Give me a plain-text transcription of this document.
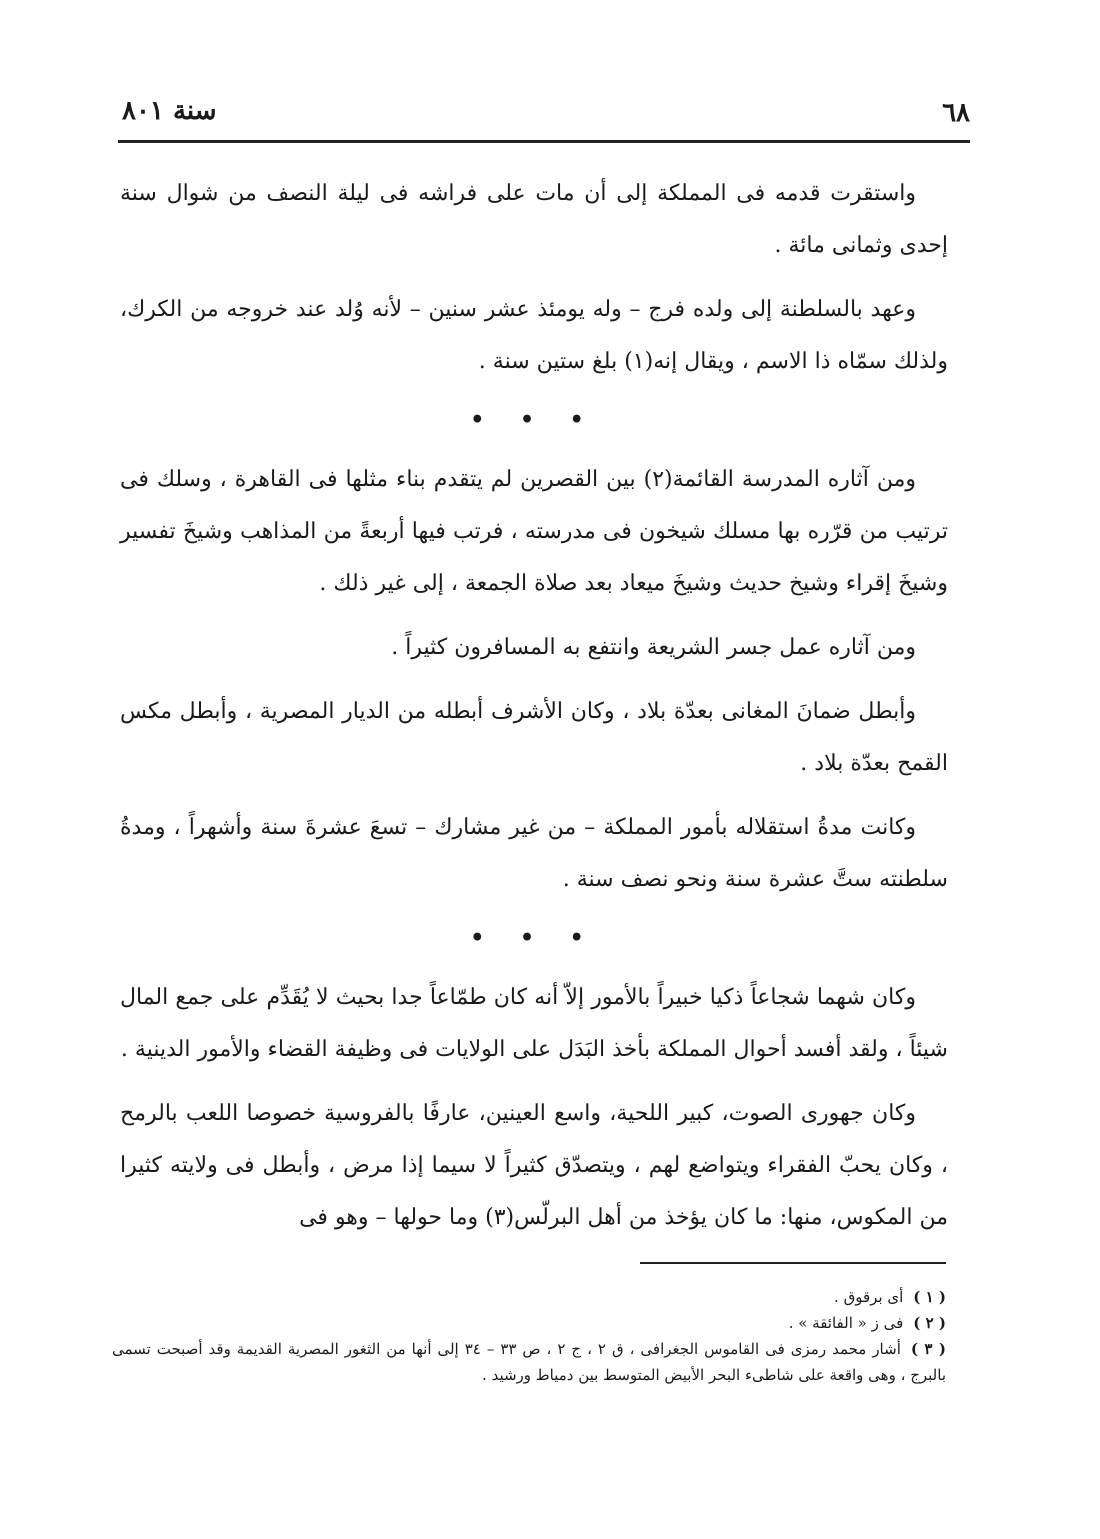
٦٨
سنة ٨٠١

واستقرت قدمه فى المملكة إلى أن مات على فراشه فى ليلة النصف من شوال سنة إحدى وثمانى مائة .

وعهد بالسلطنة إلى ولده فرج – وله يومئذ عشر سنين – لأنه وُلد عند خروجه من الكرك، ولذلك سمّاه ذا الاسم ، ويقال إنه(١) بلغ ستين سنة .

• • •

ومن آثاره المدرسة القائمة(٢) بين القصرين لم يتقدم بناء مثلها فى القاهرة ، وسلك فى ترتيب من قرّره بها مسلك شيخون فى مدرسته ، فرتب فيها أربعةً من المذاهب وشيخَ تفسير وشيخَ إقراء وشيخ حديث وشيخَ ميعاد بعد صلاة الجمعة ، إلى غير ذلك .

ومن آثاره عمل جسر الشريعة وانتفع به المسافرون كثيراً .

وأبطل ضمانَ المغانى بعدّة بلاد ، وكان الأشرف أبطله من الديار المصرية ، وأبطل مكس القمح بعدّة بلاد .

وكانت مدةُ استقلاله بأمور المملكة – من غير مشارك – تسعَ عشرةَ سنة وأشهراً ، ومدةُ سلطنته ستَّ عشرة سنة ونحو نصف سنة .

• • •

وكان شهما شجاعاً ذكيا خبيراً بالأمور إلاّ أنه كان طمّاعاً جدا بحيث لا يُقَدِّم على جمع المال شيئاً ، ولقد أفسد أحوال المملكة بأخذ البَدَل على الولايات فى وظيفة القضاء والأمور الدينية .

وكان جهورى الصوت، كبير اللحية، واسع العينين، عارفًا بالفروسية خصوصا اللعب بالرمح ، وكان يحبّ الفقراء ويتواضع لهم ، ويتصدّق كثيراً لا سيما إذا مرض ، وأبطل فى ولايته كثيرا من المكوس، منها: ما كان يؤخذ من أهل البرلّس(٣) وما حولها – وهو فى

( ١ )أى برقوق .

( ٢ )فى ز « الفائقة » .

( ٣ )أشار محمد رمزى فى القاموس الجغرافى ، ق ٢ ، ج ٢ ، ص ٣٣ – ٣٤ إلى أنها من الثغور المصرية القديمة وقد أصبحت تسمى بالبرج ، وهى واقعة على شاطىء البحر الأبيض المتوسط بين دمياط ورشيد .
